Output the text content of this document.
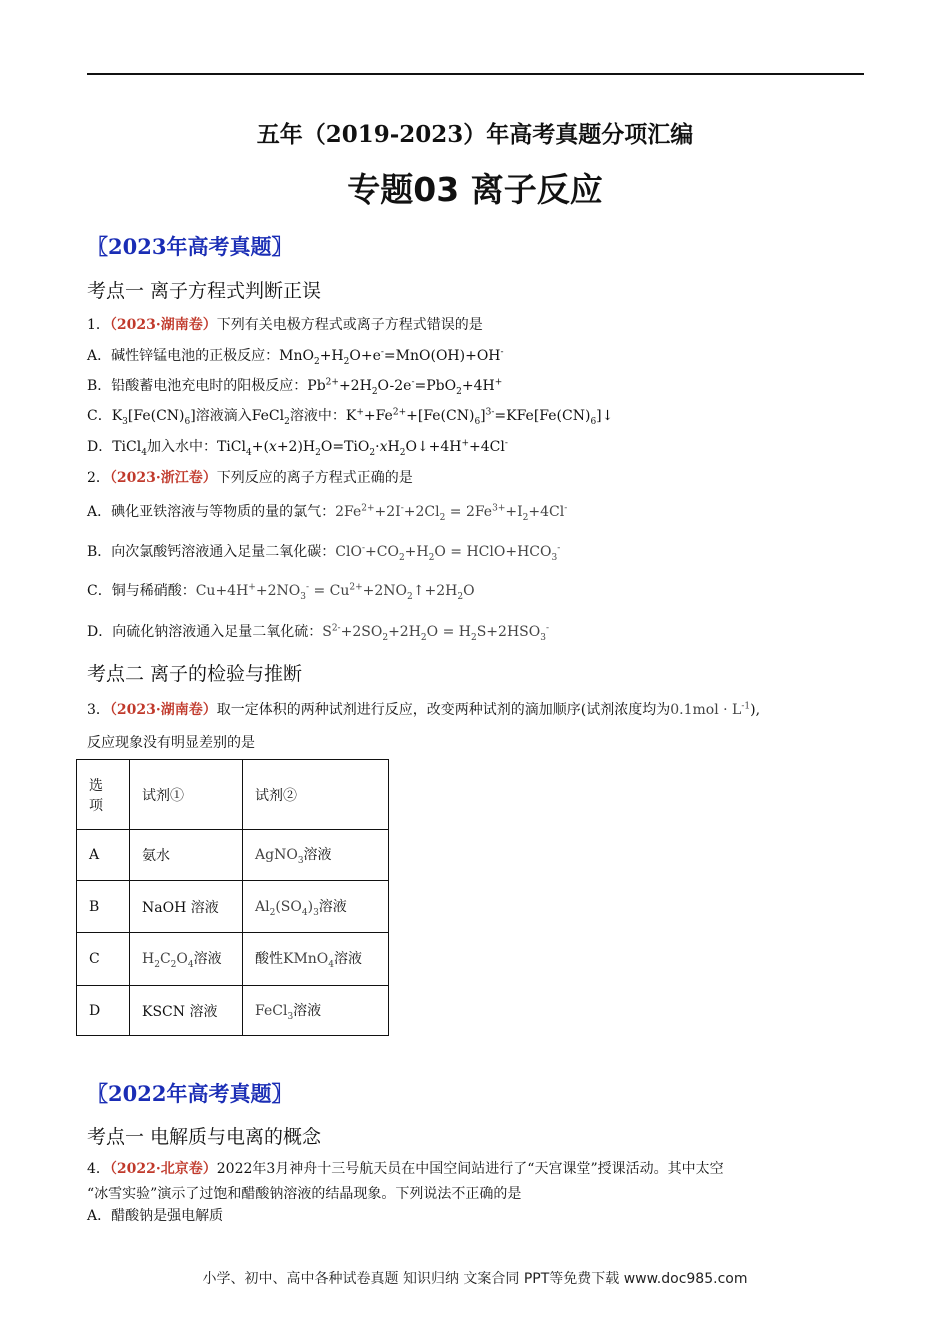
五年（2019-2023）年高考真题分项汇编
专题03 离子反应
〖2023年高考真题〗
考点一 离子方程式判断正误
1．（2023·湖南卷）下列有关电极方程式或离子方程式错误的是
A．碱性锌锰电池的正极反应：$MnO_2+H_2O+e^-=MnO(OH)+OH^-$
B．铅酸蓄电池充电时的阳极反应：$Pb^{2+}+2H_2O-2e^-=PbO_2+4H^+$
C．$K_3[Fe(CN)_6]$溶液滴入FeCl$_2$溶液中：$K^++Fe^{2+}+[Fe(CN)_6]^{3-}=KFe[Fe(CN)_6]↓$
D．TiCl$_4$加入水中：$TiCl_4+(x+2)H_2O=TiO_2\cdot xH_2O↓+4H^++4Cl^-$
2．（2023·浙江卷）下列反应的离子方程式正确的是
A．碘化亚铁溶液与等物质的量的氯气：$2Fe^{2+}+2I^-+2Cl_2 = 2Fe^{3+}+I_2+4Cl^-$
B．向次氯酸钙溶液通入足量二氧化碳：$ClO^-+CO_2+H_2O$ = $HClO+HCO_3^-$
C．铜与稀硝酸：$Cu+4H^++2NO_3^-$ = $Cu^{2+}+2NO_2↑+2H_2O$
D．向硫化钠溶液通入足量二氧化硫：$S^{2-}+2SO_2+2H_2O = H_2S+2HSO_3^-$
考点二 离子的检验与推断
3．（2023·湖南卷）取一定体积的两种试剂进行反应，改变两种试剂的滴加顺序(试剂浓度均为$0.1mol \cdot L^{-1}$),
反应现象没有明显差别的是
选
项	试剂①	试剂②
A	氨水	AgNO$_3$溶液
B	NaOH 溶液	$Al_2(SO_4)_3$溶液
C	$H_2C_2O_4$溶液	酸性KMnO$_4$溶液
D	KSCN 溶液	FeCl$_3$溶液
〖2022年高考真题〗
考点一 电解质与电离的概念
4．（2022·北京卷）2022年3月神舟十三号航天员在中国空间站进行了“天宫课堂”授课活动。其中太空
“冰雪实验”演示了过饱和醋酸钠溶液的结晶现象。下列说法不正确的是
A．醋酸钠是强电解质
小学、初中、高中各种试卷真题 知识归纳 文案合同 PPT等免费下载 www.doc985.com
